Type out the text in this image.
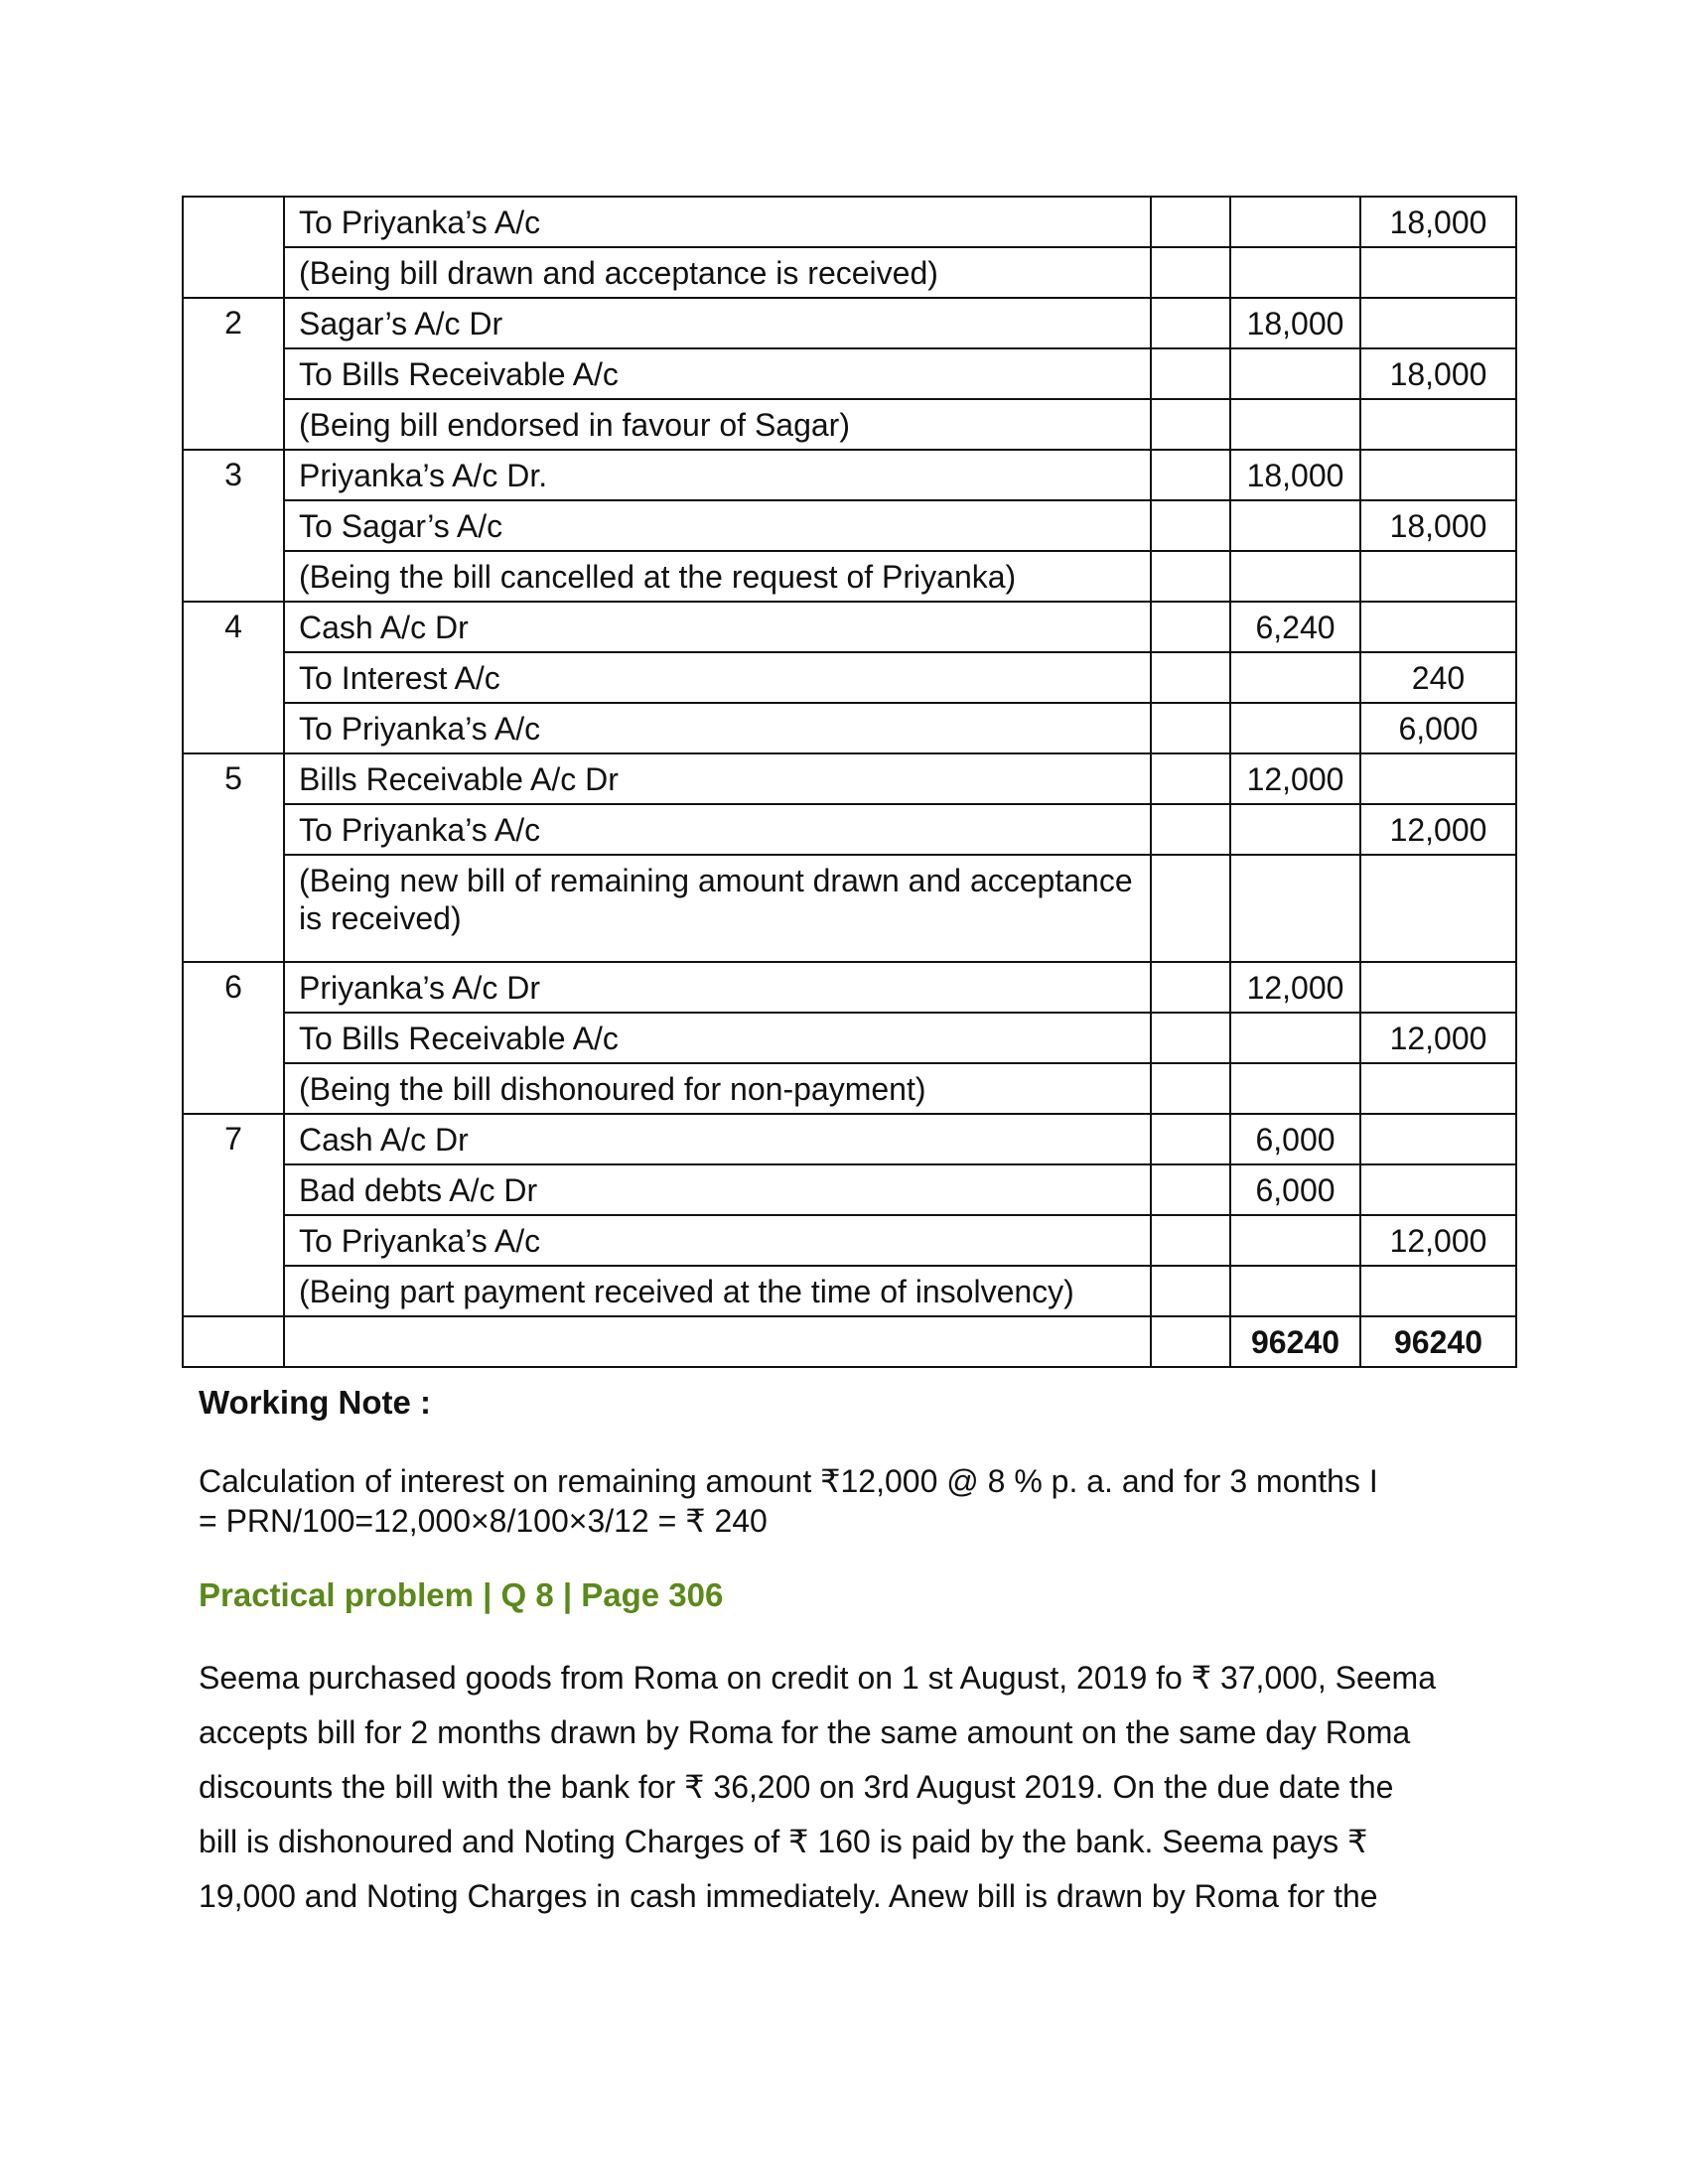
	To Priyanka’s A/c			18,000
	(Being bill drawn and acceptance is received)			
2	Sagar’s A/c Dr		18,000	
	To Bills Receivable A/c			18,000
	(Being bill endorsed in favour of Sagar)			
3	Priyanka’s A/c Dr.		18,000	
	To Sagar’s A/c			18,000
	(Being the bill cancelled at the request of Priyanka)			
4	Cash A/c Dr		6,240	
	To Interest A/c			240
	To Priyanka’s A/c			6,000
5	Bills Receivable A/c Dr		12,000	
	To Priyanka’s A/c			12,000
	(Being new bill of remaining amount drawn and acceptance is received)			
6	Priyanka’s A/c Dr		12,000	
	To Bills Receivable A/c			12,000
	(Being the bill dishonoured for non-payment)			
7	Cash A/c Dr		6,000	
	Bad debts A/c Dr		6,000	
	To Priyanka’s A/c			12,000
	(Being part payment received at the time of insolvency)			
			96240	96240
Working Note :
Calculation of interest on remaining amount ₹12,000 @ 8 % p. a. and for 3 months I
= PRN/100=12,000×8/100×3/12 = ₹ 240
Practical problem | Q 8 | Page 306
Seema purchased goods from Roma on credit on 1 st August, 2019 fo ₹ 37,000, Seema
accepts bill for 2 months drawn by Roma for the same amount on the same day Roma
discounts the bill with the bank for ₹ 36,200 on 3rd August 2019. On the due date the
bill is dishonoured and Noting Charges of ₹ 160 is paid by the bank. Seema pays ₹
19,000 and Noting Charges in cash immediately. Anew bill is drawn by Roma for the
